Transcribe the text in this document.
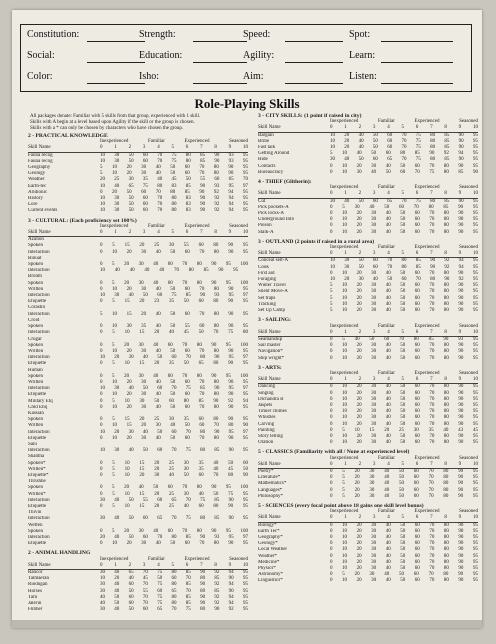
Constitution:	Strength:	Speed:	Spot:
Social:	Education:	Agility:	Learn:
Color:	Isho:	Aim:	Listen:
Role-Playing Skills
All packages donate: Familiar with 5 skills from that group, experienced with 1 skill.
Skills with A begin at a level based upon Agility if the skill or the group is chosen.
Skills with a * can only be chosen by characters who have chosen the group.
2 - PRACTICAL KNOWLEDGE
Inexperienced	Familiar	Experienced	Seasoned
Skill Name	0 1 2 3 4 5 6 7 8 9 10
Fauna recog	10 30 50 60 70 75 80 85 90 93 95
Fauna recog	10 30 50 60 70 75 80 85 90 93 95
Geography	5 10 20 30 40 50 60 70 80 90 95
Geology	5 10 20 30 40 50 60 70 80 90 95
Weather	20 25 30 35 40 45 50 55 60 65 70
Earth-tec	10 40 65 75 80 83 85 90 93 95 97
Aridionic	0 20 50 60 70 80 85 90 92 94 95
History	10 30 50 60 70 80 83 90 92 94 95
Lore	10 30 50 60 70 80 83 90 92 94 95
Current events	10 30 50 60 70 80 83 90 92 94 95
3 - CULTURAL: (Each proficiency set 100%)
Inexperienced	Familiar	Experienced	Seasoned
Skill Name	0 1 2 3 4 5 6 7 8 9 10
Azubon
Spoken	0 5 15 20 25 30 55 60 80 90 95
Interaction	0 10 20 30 40 50 60 70 80 90 95
Binuat
Spoken	0 5 20 30 40 60 70 80 90 95 100
Interaction	10 40 40 40 40 70 80 85 90 95
Bronth
Spoken	0 5 20 30 40 60 70 80 90 95 100
Written	0 10 20 30 40 50 60 70 80 90 95
Interaction	10 30 40 50 60 75 85 90 93 95 97
Etiquette	0 5 15 20 23 35 50 60 80 90 95
Corastin
Interaction	5 10 15 20 40 50 60 70 80 90 95
Croid
Spoken	0 10 30 35 40 50 55 60 80 90 95
Interaction	0 5 10 15 20 40 45 50 70 75 80
Crugar
Spoken	0 5 20 30 40 60 70 80 90 95 100
Written	0 10 20 30 40 50 60 70 80 90 95
Interaction	10 20 30 40 50 60 70 80 90 95 97
Etiquette	0 5 10 15 20 35 50 65 80 90 95
Human
Spoken	0 5 20 30 40 60 70 80 90 95 100
Written	0 10 20 30 40 50 60 70 80 90 95
Interaction	10 30 40 50 60 70 75 85 90 95 97
Etiquette	0 10 20 30 40 50 60 70 80 90 95
Military Etq	0 5 10 30 50 60 80 85 90 92 94
Cmd Etiq	0 10 20 30 40 50 60 70 80 90 95
Kassian
Spoken	0 5 15 20 25 30 35 60 80 90 95
Written	0 10 15 20 30 40 50 60 70 80 90
Interaction	10 20 30 40 50 60 70 80 90 95 97
Etiquette	0 10 20 30 40 50 60 70 80 90 95
Salu
Interaction	10 30 40 50 60 70 75 80 85 90 95
Shantha
Spoken*	0 5 10 15 20 25 30 35 40 50 60
Written*	0 5 10 15 20 25 30 35 40 45 50
Etiquette*	0 5 10 20 30 40 50 60 70 80 90
Thrishhe
Spoken	0 5 20 40 50 60 70 80 90 95 100
Written*	0 5 10 15 20 25 30 40 50 75 95
Interaction	30 40 50 55 60 65 70 75 85 90 95
Etiquette	0 5 10 15 20 25 40 60 80 90 95
Thivin
Interaction	30 40 50 60 65 70 75 80 85 90 95
Weffen
Spoken	0 5 20 30 40 60 70 80 90 95 100
Interaction	20 40 50 60 70 80 85 90 93 95 97
Etiquette	0 10 20 30 40 50 60 70 80 90 95
2 - ANIMAL HANDLING
Inexperienced	Familiar	Experienced	Seasoned
Skill Name	0 1 2 3 4 5 6 7 8 9 10
Rancor	30 40 65 70 75 80 85 90 92 94 95
Talmaeran	10 20 40 45 50 60 70 80 85 90 95
Riodugan	30 40 60 70 75 80 85 90 92 94 95
Horses	30 40 50 55 60 65 70 80 85 90 95
Tarn	40 50 60 70 75 80 85 90 92 94 95
Jalerin	40 50 60 70 75 80 85 90 92 94 95
Flibber	30 40 50 60 65 70 75 80 90 92 95
3 - CITY SKILLS: (1 point if raised in city)
Inexperienced	Familiar	Experienced	Seasoned
Skill Name	0 1 2 3 4 5 6 7 8 9 10
Bargain	10 20 40 50 60 70 75 80 85 90 95
Bribe	10 20 40 50 60 70 75 80 85 90 95
Fast talk	10 20 40 50 60 70 75 80 85 90 95
Getting Around	5 10 40 50 60 80 85 90 92 94 95
Hide	30 40 50 60 65 70 75 80 85 90 95
Contacts	0 10 20 30 40 50 60 70 80 90 95
Bureaucracy	0 10 30 40 50 60 70 75 80 85 90
4 - THIEF (Glitherin):
Inexperienced	Familiar	Experienced	Seasoned
Skill Name	0 1 2 3 4 5 6 7 8 9 10
Cut	30 40 50 60 65 70 75 80 85 90 95
Pick pockets-A	0 5 30 40 50 60 70 80 85 90 95
Pick locks-A	0 10 20 30 40 50 60 70 80 90 95
Underground Info	0 10 20 30 40 50 60 70 80 90 95
Poison	0 10 20 30 40 50 60 70 80 90 95
Stalk-A	0 10 20 30 40 50 60 70 80 90 95
3 - OUTLAND (2 points if raised in a rural area)
Inexperienced	Familiar	Experienced	Seasoned
Skill Name	0 1 2 3 4 5 6 7 8 9 10
Conceal self-A	10 30 50 60 70 80 85 90 92 94 95
Cook	10 30 50 60 70 80 85 90 92 94 95
First aid	0 10 20 30 40 50 60 70 80 90 95
Foraging	10 20 30 40 50 60 70 80 90 92 95
Winter Travel	5 10 20 30 40 50 60 70 80 90 95
Silent Move-A	5 10 20 30 40 50 60 70 80 90 95
Set traps	5 10 20 30 40 50 60 70 80 90 95
Tracking	5 10 20 30 40 50 60 70 80 90 95
Set Up Camp	5 10 20 30 40 50 60 70 80 90 95
3 - SAILING:
Inexperienced	Familiar	Experienced	Seasoned
Skill Name	0 1 2 3 4 5 6 7 8 9 10
Seamanship	0 5 40 50 60 70 80 85 90 93 95
Sail master	0 10 20 30 40 50 60 70 80 90 95
Navigation*	0 10 20 30 40 50 60 70 80 90 95
Ship wright*	0 10 20 30 40 50 60 70 80 90 95
3 - ARTS:
Inexperienced	Familiar	Experienced	Seasoned
Skill Name	0 1 2 3 4 5 6 7 8 9 10
Dancing	0 10 20 30 40 50 60 70 80 90 95
Singing	0 10 20 30 40 50 60 70 80 90 95
Dichandra st	0 10 20 30 40 50 60 70 80 90 95
Jaspets	0 10 20 30 40 50 60 70 80 90 95
Timier chimes	0 10 20 30 40 50 60 70 80 90 95
Whistles	0 10 20 30 40 50 60 70 80 90 95
Carving	0 10 20 30 40 50 60 70 80 90 95
Painting	0 5 10 15 20 25 30 35 40 43 45
Story telling	0 10 20 30 40 50 60 70 80 90 95
Oration	0 10 20 30 40 50 60 70 80 90 95
5 - CLASSICS (Familiarity with all / None at experienced level)
Inexperienced	Familiar	Experienced	Seasoned
Skill Name	0 1 2 3 4 5 6 7 8 9 10
Poetry*	0 5 20 30 40 50 60 70 80 90 95
Literature*	0 5 20 30 40 50 60 70 80 90 95
Mathematics*	0 5 20 30 40 50 60 70 80 90 95
Languages*	0 5 20 30 40 50 60 70 80 90 95
Philosophy*	0 5 20 30 40 50 60 70 80 90 95
5 - SCIENCES (every focal point above 18 gains one skill level bonus)
Inexperienced	Familiar	Experienced	Seasoned
Skill Name	0 1 2 3 4 5 6 7 8 9 10
Biology*	0 10 20 30 40 50 60 70 80 90 95
Earth Tec*	0 10 20 30 40 50 60 70 80 90 95
Geography*	0 10 20 30 40 50 60 70 80 90 95
Geology*	0 10 20 30 40 50 60 70 80 90 95
Local Weather	0 10 20 30 40 50 60 70 80 90 95
Weather*	0 10 20 30 40 50 60 70 80 90 95
Medicine*	0 10 20 30 40 50 60 70 80 90 95
Physics*	0 10 20 30 40 50 60 70 80 90 95
Astronomy*	0 5 20 30 40 50 60 70 80 90 95
Linguistics*	0 10 20 30 40 50 60 70 80 90 95
